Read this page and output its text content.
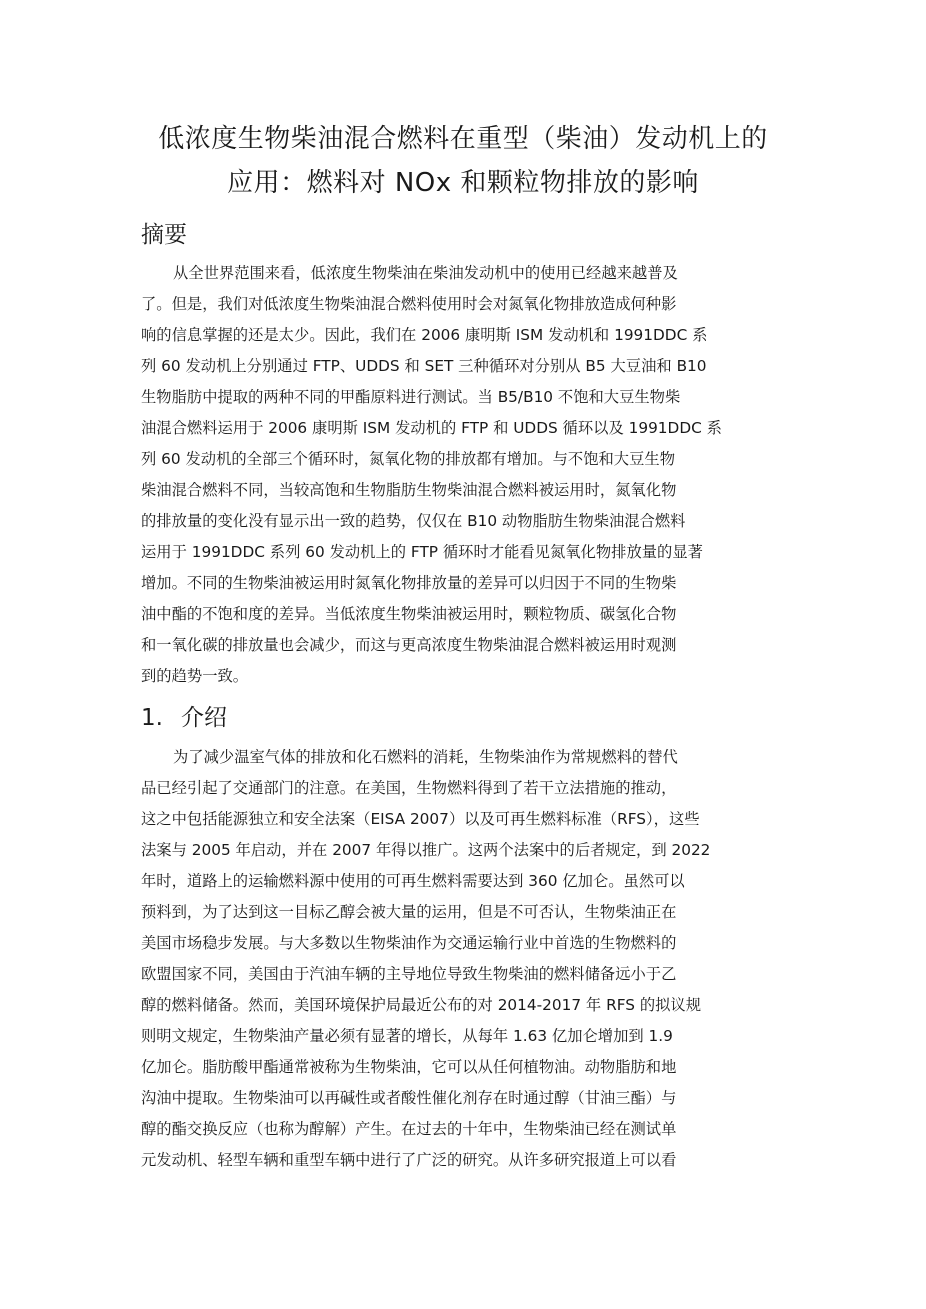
低浓度生物柴油混合燃料在重型（柴油）发动机上的
应用：燃料对 NOx 和颗粒物排放的影响
摘要
从全世界范围来看，低浓度生物柴油在柴油发动机中的使用已经越来越普及
了。但是，我们对低浓度生物柴油混合燃料使用时会对氮氧化物排放造成何种影
响的信息掌握的还是太少。因此，我们在 2006 康明斯 ISM 发动机和 1991DDC 系
列 60 发动机上分别通过 FTP、UDDS 和 SET 三种循环对分别从 B5 大豆油和 B10
生物脂肪中提取的两种不同的甲酯原料进行测试。当 B5/B10 不饱和大豆生物柴
油混合燃料运用于 2006 康明斯 ISM 发动机的 FTP 和 UDDS 循环以及 1991DDC 系
列 60 发动机的全部三个循环时，氮氧化物的排放都有增加。与不饱和大豆生物
柴油混合燃料不同，当较高饱和生物脂肪生物柴油混合燃料被运用时，氮氧化物
的排放量的变化没有显示出一致的趋势，仅仅在 B10 动物脂肪生物柴油混合燃料
运用于 1991DDC 系列 60 发动机上的 FTP 循环时才能看见氮氧化物排放量的显著
增加。不同的生物柴油被运用时氮氧化物排放量的差异可以归因于不同的生物柴
油中酯的不饱和度的差异。当低浓度生物柴油被运用时，颗粒物质、碳氢化合物
和一氧化碳的排放量也会减少，而这与更高浓度生物柴油混合燃料被运用时观测
到的趋势一致。
1. 介绍
为了减少温室气体的排放和化石燃料的消耗，生物柴油作为常规燃料的替代
品已经引起了交通部门的注意。在美国，生物燃料得到了若干立法措施的推动，
这之中包括能源独立和安全法案（EISA 2007）以及可再生燃料标准（RFS），这些
法案与 2005 年启动，并在 2007 年得以推广。这两个法案中的后者规定，到 2022
年时，道路上的运输燃料源中使用的可再生燃料需要达到 360 亿加仑。虽然可以
预料到，为了达到这一目标乙醇会被大量的运用，但是不可否认，生物柴油正在
美国市场稳步发展。与大多数以生物柴油作为交通运输行业中首选的生物燃料的
欧盟国家不同，美国由于汽油车辆的主导地位导致生物柴油的燃料储备远小于乙
醇的燃料储备。然而，美国环境保护局最近公布的对 2014-2017 年 RFS 的拟议规
则明文规定，生物柴油产量必须有显著的增长，从每年 1.63 亿加仑增加到 1.9
亿加仑。脂肪酸甲酯通常被称为生物柴油，它可以从任何植物油。动物脂肪和地
沟油中提取。生物柴油可以再碱性或者酸性催化剂存在时通过醇（甘油三酯）与
醇的酯交换反应（也称为醇解）产生。在过去的十年中，生物柴油已经在测试单
元发动机、轻型车辆和重型车辆中进行了广泛的研究。从许多研究报道上可以看
